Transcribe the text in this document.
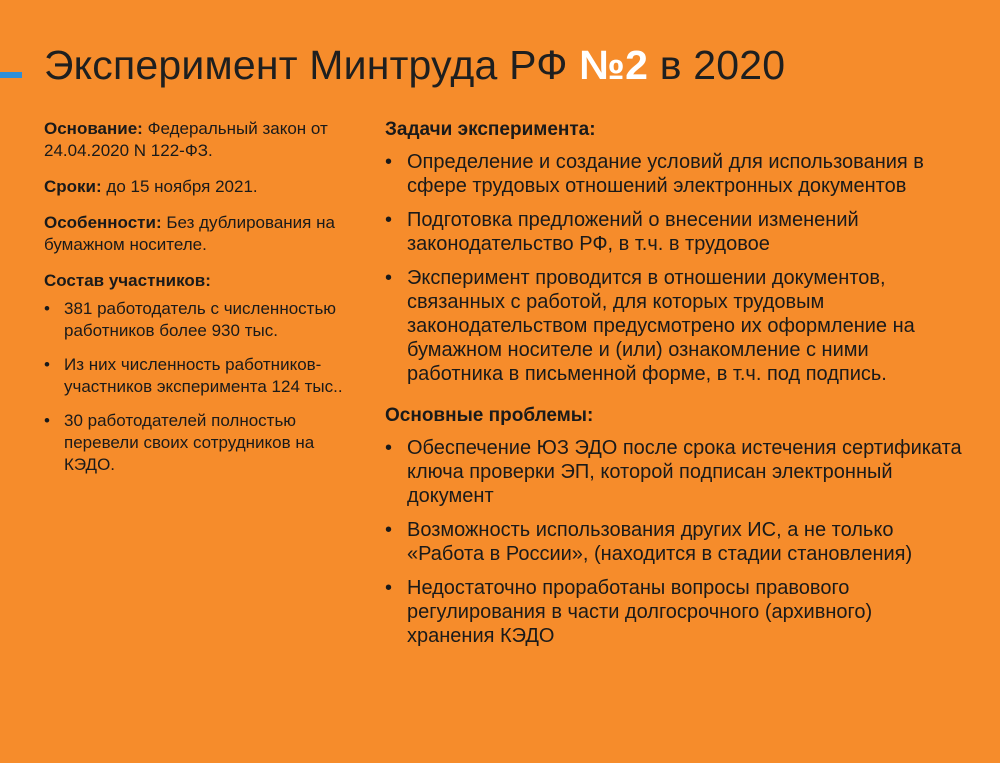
Эксперимент Минтруда РФ №2 в 2020

Основание: Федеральный закон от 24.04.2020 N 122-ФЗ.

Сроки: до 15 ноября 2021.

Особенности: Без дублирования на бумажном носителе.

Состав участников:
• 381 работодатель с численностью работников более 930 тыс.
• Из них численность работников-участников эксперимента 124 тыс..
• 30 работодателей полностью перевели своих сотрудников на КЭДО.
Задачи эксперимента:
• Определение и создание условий для использования в сфере трудовых отношений электронных документов
• Подготовка предложений о внесении изменений законодательство РФ, в т.ч. в трудовое
• Эксперимент проводится в отношении документов, связанных с работой, для которых трудовым законодательством предусмотрено их оформление на бумажном носителе и (или) ознакомление с ними работника в письменной форме, в т.ч. под подпись.
Основные проблемы:
• Обеспечение ЮЗ ЭДО после срока истечения сертификата ключа проверки ЭП, которой подписан электронный документ
• Возможность использования других ИС, а не только «Работа в России», (находится в стадии становления)
• Недостаточно проработаны вопросы правового регулирования в части долгосрочного (архивного) хранения КЭДО
